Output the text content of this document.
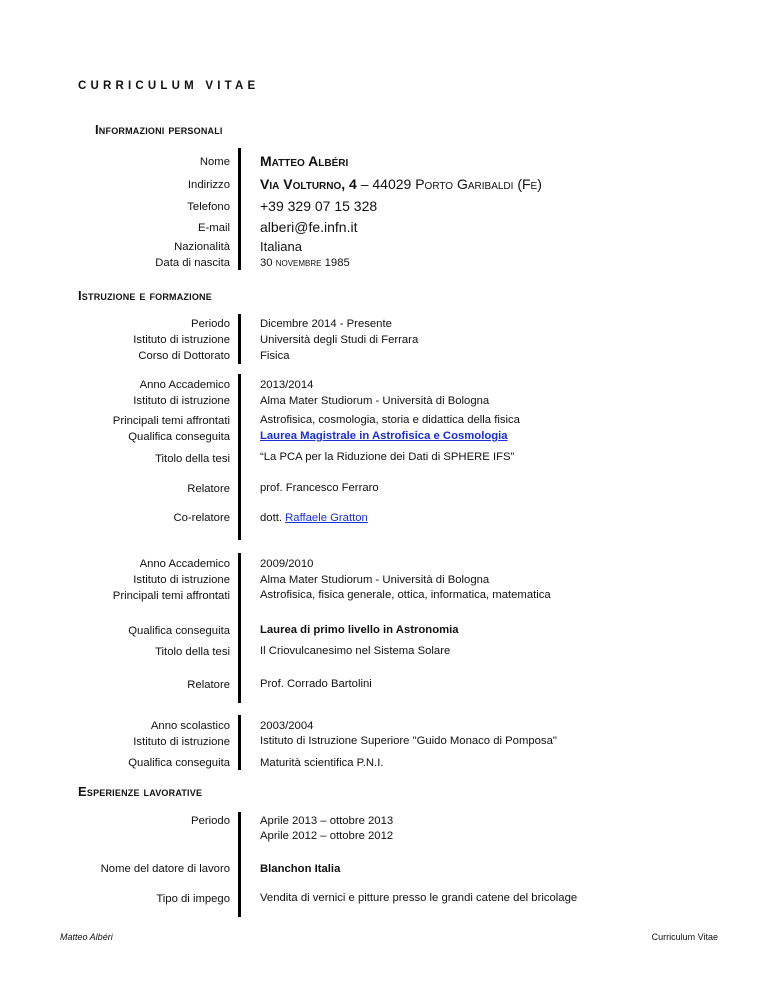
CURRICULUM VITAE
Informazioni personali
Nome Matteo Albéri
Indirizzo Via Volturno, 4 – 44029 Porto Garibaldi (Fe)
Telefono +39 329 07 15 328
E-mail alberi@fe.infn.it
Nazionalità Italiana
Data di nascita	30 novembre 1985
Istruzione e formazione
Periodo	Dicembre 2014 - Presente
Istituto di istruzione	Università degli Studi di Ferrara
Corso di Dottorato	Fisica
Anno Accademico	2013/2014
Istituto di istruzione	Alma Mater Studiorum - Università di Bologna
Principali temi affrontati	Astrofisica, cosmologia, storia e didattica della fisica
Qualifica conseguita	Laurea Magistrale in Astrofisica e Cosmologia
Titolo della tesi	“La PCA per la Riduzione dei Dati di SPHERE IFS”
Relatore	prof. Francesco Ferraro
Co-relatore	dott. Raffaele Gratton
Anno Accademico	2009/2010
Istituto di istruzione	Alma Mater Studiorum - Università di Bologna
Principali temi affrontati	Astrofisica, fisica generale, ottica, informatica, matematica
Qualifica conseguita	Laurea di primo livello in Astronomia
Titolo della tesi	Il Criovulcanesimo nel Sistema Solare
Relatore	Prof. Corrado Bartolini
Anno scolastico	2003/2004
Istituto di istruzione	Istituto di Istruzione Superiore "Guido Monaco di Pomposa"
Qualifica conseguita	Maturità scientifica P.N.I.
Esperienze lavorative
Periodo	Aprile 2013 – ottobre 2013
Aprile 2012 – ottobre 2012
Nome del datore di lavoro	Blanchon Italia
Tipo di impego	Vendita di vernici e pitture presso le grandi catene del bricolage
Matteo Albéri	Curriculum Vitae
